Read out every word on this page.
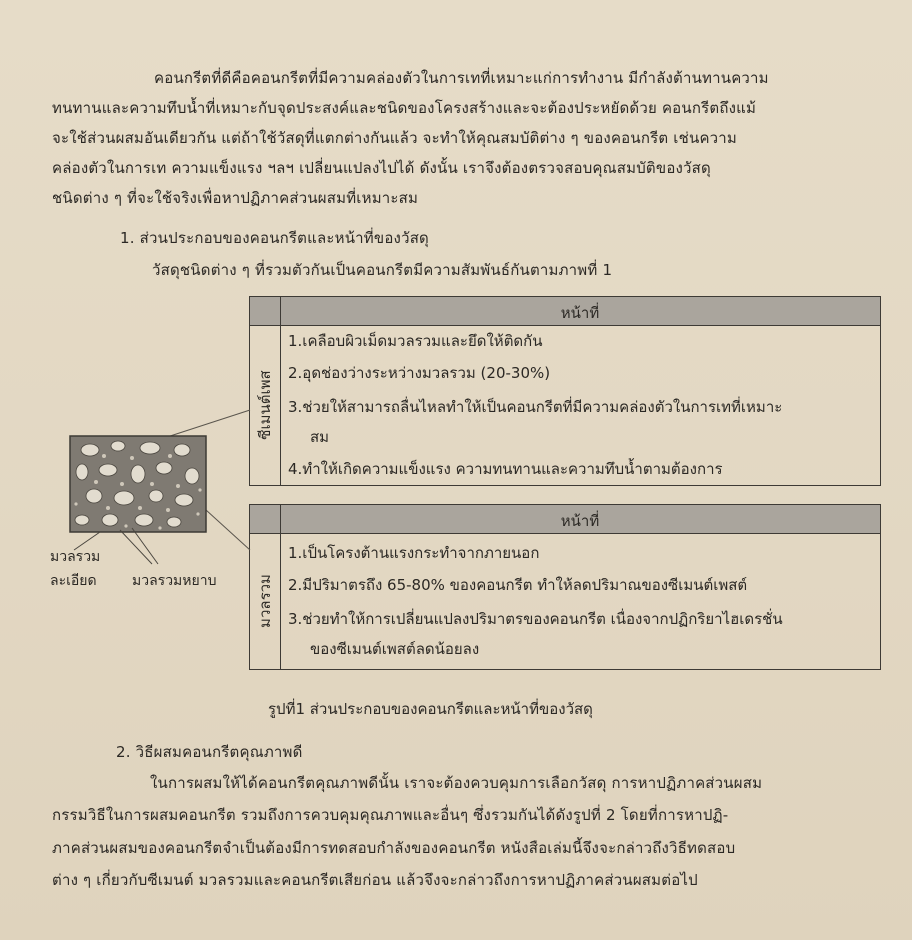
คอนกรีตที่ดีคือคอนกรีตที่มีความคล่องตัวในการเทที่เหมาะแก่การทำงาน มีกำลังต้านทานความ
ทนทานและความทึบน้ำที่เหมาะกับจุดประสงค์และชนิดของโครงสร้างและจะต้องประหยัดด้วย คอนกรีตถึงแม้
จะใช้ส่วนผสมอันเดียวกัน แต่ถ้าใช้วัสดุที่แตกต่างกันแล้ว จะทำให้คุณสมบัติต่าง ๆ ของคอนกรีต เช่นความ
คล่องตัวในการเท ความแข็งแรง ฯลฯ เปลี่ยนแปลงไปได้ ดังนั้น เราจึงต้องตรวจสอบคุณสมบัติของวัสดุ
ชนิดต่าง ๆ ที่จะใช้จริงเพื่อหาปฏิภาคส่วนผสมที่เหมาะสม
1. ส่วนประกอบของคอนกรีตและหน้าที่ของวัสดุ
วัสดุชนิดต่าง ๆ ที่รวมตัวกันเป็นคอนกรีตมีความสัมพันธ์กันตามภาพที่ 1
หน้าที่
ซีเมนต์เพส
1.เคลือบผิวเม็ดมวลรวมและยึดให้ติดกัน
2.อุดช่องว่างระหว่างมวลรวม (20-30%)
3.ช่วยให้สามารถลื่นไหลทำให้เป็นคอนกรีตที่มีความคล่องตัวในการเทที่เหมาะ
สม
4.ทำให้เกิดความแข็งแรง ความทนทานและความทึบน้ำตามต้องการ
หน้าที่
มวลรวม
1.เป็นโครงต้านแรงกระทำจากภายนอก
2.มีปริมาตรถึง 65-80% ของคอนกรีต ทำให้ลดปริมาณของซีเมนต์เพสต์
3.ช่วยทำให้การเปลี่ยนแปลงปริมาตรของคอนกรีต เนื่องจากปฏิกริยาไฮเดรชั่น
ของซีเมนต์เพสต์ลดน้อยลง
มวลรวม
ละเอียด	มวลรวมหยาบ
รูปที่1 ส่วนประกอบของคอนกรีตและหน้าที่ของวัสดุ
2. วิธีผสมคอนกรีตคุณภาพดี
ในการผสมให้ได้คอนกรีตคุณภาพดีนั้น เราจะต้องควบคุมการเลือกวัสดุ การหาปฏิภาคส่วนผสม
กรรมวิธีในการผสมคอนกรีต รวมถึงการควบคุมคุณภาพและอื่นๆ ซึ่งรวมกันได้ดังรูปที่ 2 โดยที่การหาปฏิ-
ภาคส่วนผสมของคอนกรีตจำเป็นต้องมีการทดสอบกำลังของคอนกรีต หนังสือเล่มนี้จึงจะกล่าวถึงวิธีทดสอบ
ต่าง ๆ เกี่ยวกับซีเมนต์ มวลรวมและคอนกรีตเสียก่อน แล้วจึงจะกล่าวถึงการหาปฏิภาคส่วนผสมต่อไป
